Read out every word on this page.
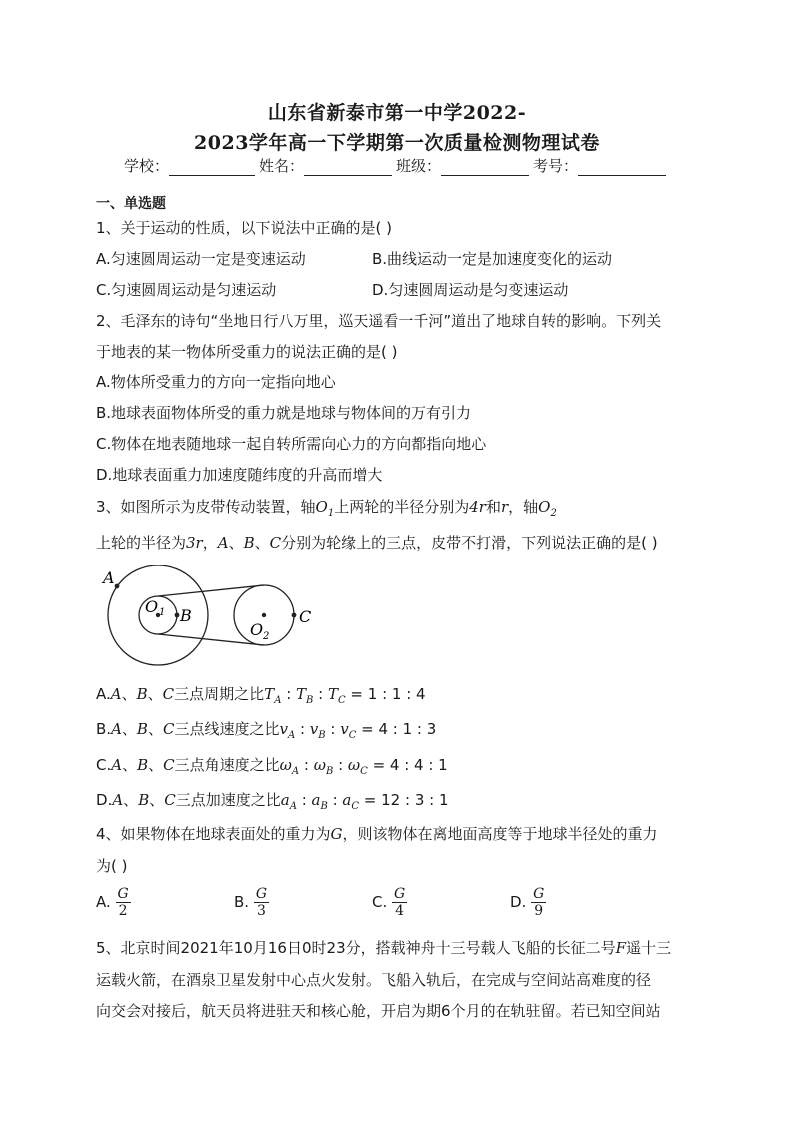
山东省新泰市第一中学2022-
2023学年高一下学期第一次质量检测物理试卷
学校：	姓名：	班级：	考号：
一、单选题
1、关于运动的性质，以下说法中正确的是( )
A.匀速圆周运动一定是变速运动	B.曲线运动一定是加速度变化的运动
C.匀速圆周运动是匀速运动	D.匀速圆周运动是匀变速运动
2、毛泽东的诗句“坐地日行八万里，巡天遥看一千河”道出了地球自转的影响。下列关
于地表的某一物体所受重力的说法正确的是( )
A.物体所受重力的方向一定指向地心
B.地球表面物体所受的重力就是地球与物体间的万有引力
C.物体在地表随地球一起自转所需向心力的方向都指向地心
D.地球表面重力加速度随纬度的升高而增大
3、如图所示为皮带传动装置，轴$O_1$上两轮的半径分别为4r和r，轴$O_2$
上轮的半径为3r，A、B、C分别为轮缘上的三点，皮带不打滑，下列说法正确的是( )
A
B	C
O 1
O 2
A.A、B、C三点周期之比$T_A$ : $T_B$ : $T_C = 1$ : 1 : 4
B.A、B、C三点线速度之比$v_A$ : $v_B$ : $v_C = 4$ : 1 : 3
C.A、B、C三点角速度之比$\omega_A$ : $\omega_B$ : $\omega_C = 4$ : 4 : 1
D.A、B、C三点加速度之比$a_A$ : $a_B$ : $a_C = 12$ : 3 : 1
4、如果物体在地球表面处的重力为G，则该物体在离地面高度等于地球半径处的重力
为( )
A. $\frac{G}{2}$	B. $\frac{G}{3}$	C. $\frac{G}{4}$	D. $\frac{G}{9}$
5、北京时间2021年10月16日0时23分，搭载神舟十三号载人飞船的长征二号F遥十三
运载火箭，在酒泉卫星发射中心点火发射。飞船入轨后，在完成与空间站高难度的径
向交会对接后，航天员将进驻天和核心舱，开启为期6个月的在轨驻留。若已知空间站
